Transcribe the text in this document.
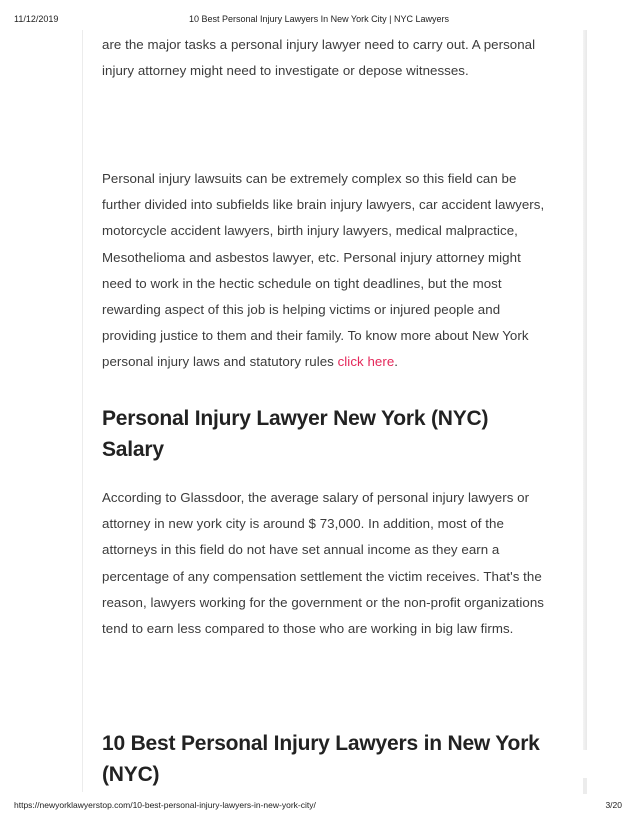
11/12/2019	10 Best Personal Injury Lawyers In New York City | NYC Lawyers

are the major tasks a personal injury lawyer need to carry out. A personal injury attorney might need to investigate or depose witnesses.

Personal injury lawsuits can be extremely complex so this field can be further divided into subfields like brain injury lawyers, car accident lawyers, motorcycle accident lawyers, birth injury lawyers, medical malpractice, Mesothelioma and asbestos lawyer, etc. Personal injury attorney might need to work in the hectic schedule on tight deadlines, but the most rewarding aspect of this job is helping victims or injured people and providing justice to them and their family. To know more about New York personal injury laws and statutory rules click here.

Personal Injury Lawyer New York (NYC) Salary

According to Glassdoor, the average salary of personal injury lawyers or attorney in new york city is around $ 73,000. In addition, most of the attorneys in this field do not have set annual income as they earn a percentage of any compensation settlement the victim receives. That's the reason, lawyers working for the government or the non-profit organizations tend to earn less compared to those who are working in big law firms.

10 Best Personal Injury Lawyers in New York (NYC)
https://newyorklawyerstop.com/10-best-personal-injury-lawyers-in-new-york-city/	3/20
